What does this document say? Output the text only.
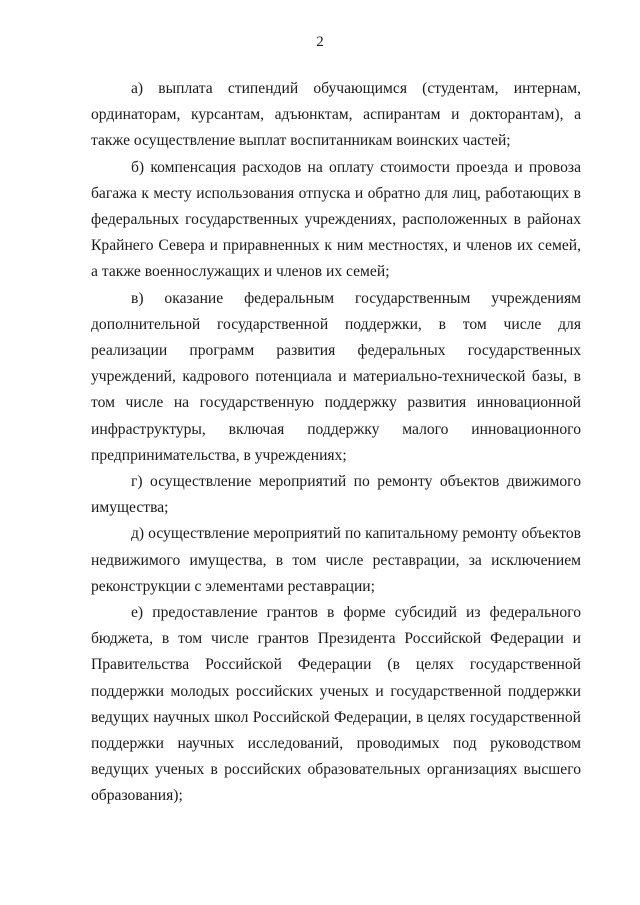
2

а) выплата стипендий обучающимся (студентам, интернам, ординаторам, курсантам, адъюнктам, аспирантам и докторантам), а также осуществление выплат воспитанникам воинских частей;

б) компенсация расходов на оплату стоимости проезда и провоза багажа к месту использования отпуска и обратно для лиц, работающих в федеральных государственных учреждениях, расположенных в районах Крайнего Севера и приравненных к ним местностях, и членов их семей, а также военнослужащих и членов их семей;

в) оказание федеральным государственным учреждениям дополнительной государственной поддержки, в том числе для реализации программ развития федеральных государственных учреждений, кадрового потенциала и материально-технической базы, в том числе на государственную поддержку развития инновационной инфраструктуры, включая поддержку малого инновационного предпринимательства, в учреждениях;

г) осуществление мероприятий по ремонту объектов движимого имущества;

д) осуществление мероприятий по капитальному ремонту объектов недвижимого имущества, в том числе реставрации, за исключением реконструкции с элементами реставрации;

е) предоставление грантов в форме субсидий из федерального бюджета, в том числе грантов Президента Российской Федерации и Правительства Российской Федерации (в целях государственной поддержки молодых российских ученых и государственной поддержки ведущих научных школ Российской Федерации, в целях государственной поддержки научных исследований, проводимых под руководством ведущих ученых в российских образовательных организациях высшего образования);
